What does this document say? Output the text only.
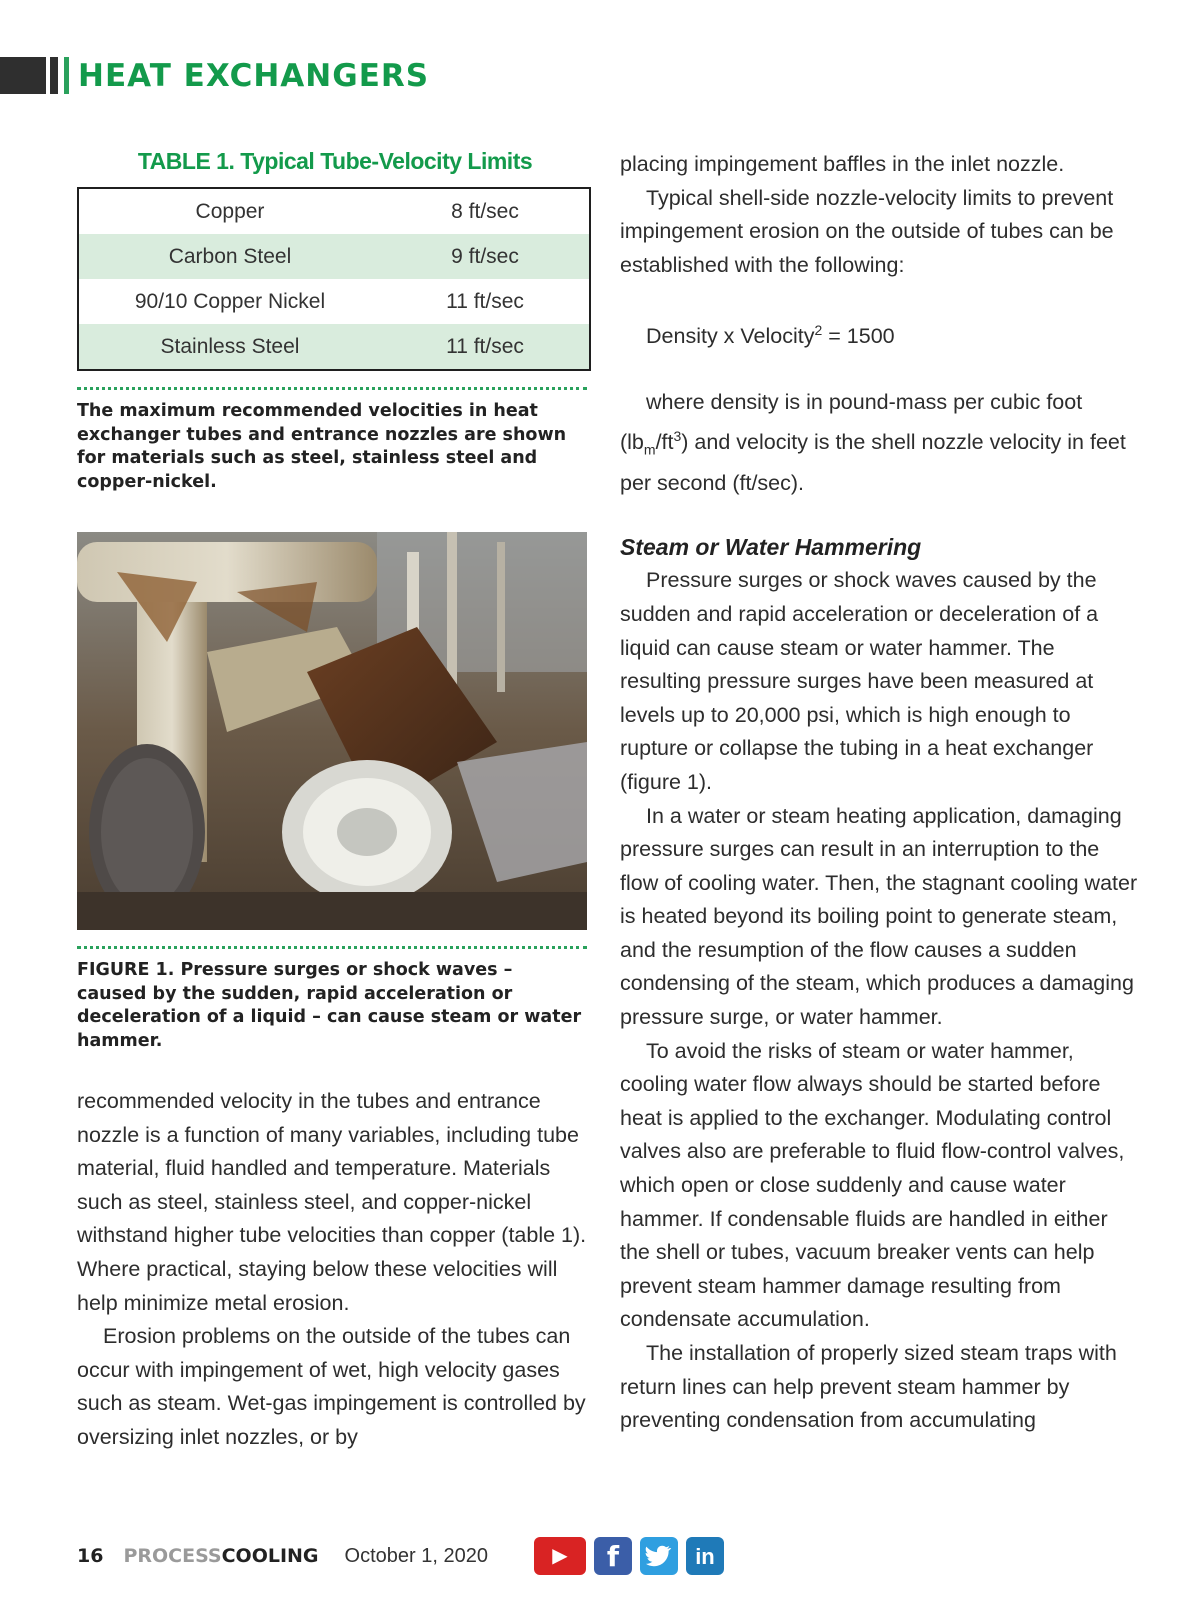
HEAT EXCHANGERS
TABLE 1. Typical Tube-Velocity Limits
Copper	8 ft/sec
Carbon Steel	9 ft/sec
90/10 Copper Nickel	11 ft/sec
Stainless Steel	11 ft/sec

The maximum recommended velocities in heat exchanger tubes and entrance nozzles are shown for materials such as steel, stainless steel and copper-nickel.

FIGURE 1. Pressure surges or shock waves – caused by the sudden, rapid acceleration or deceleration of a liquid – can cause steam or water hammer.

recommended velocity in the tubes and entrance nozzle is a function of many variables, including tube material, fluid handled and temperature. Materials such as steel, stainless steel, and copper-nickel withstand higher tube velocities than copper (table 1). Where practical, staying below these velocities will help minimize metal erosion.

Erosion problems on the outside of the tubes can occur with impingement of wet, high velocity gases such as steam. Wet-gas impingement is controlled by oversizing inlet nozzles, or by

placing impingement baffles in the inlet nozzle.

Typical shell-side nozzle-velocity limits to prevent impingement erosion on the outside of tubes can be established with the following:

Density x Velocity$^2$ = 1500

where density is in pound-mass per cubic foot $(lb_m/ft^3)$ and velocity is the shell nozzle velocity in feet per second (ft/sec).

Steam or Water Hammering

Pressure surges or shock waves caused by the sudden and rapid acceleration or deceleration of a liquid can cause steam or water hammer. The resulting pressure surges have been measured at levels up to 20,000 psi, which is high enough to rupture or collapse the tubing in a heat exchanger (figure 1).

In a water or steam heating application, damaging pressure surges can result in an interruption to the flow of cooling water. Then, the stagnant cooling water is heated beyond its boiling point to generate steam, and the resumption of the flow causes a sudden condensing of the steam, which produces a damaging pressure surge, or water hammer.

To avoid the risks of steam or water hammer, cooling water flow always should be started before heat is applied to the exchanger. Modulating control valves also are preferable to fluid flow-control valves, which open or close suddenly and cause water hammer. If condensable fluids are handled in either the shell or tubes, vacuum breaker vents can help prevent steam hammer damage resulting from condensate accumulation.

The installation of properly sized steam traps with return lines can help prevent steam hammer by preventing condensation from accumulating

16 PROCESS COOLING October 1, 2020	▶	f	in
